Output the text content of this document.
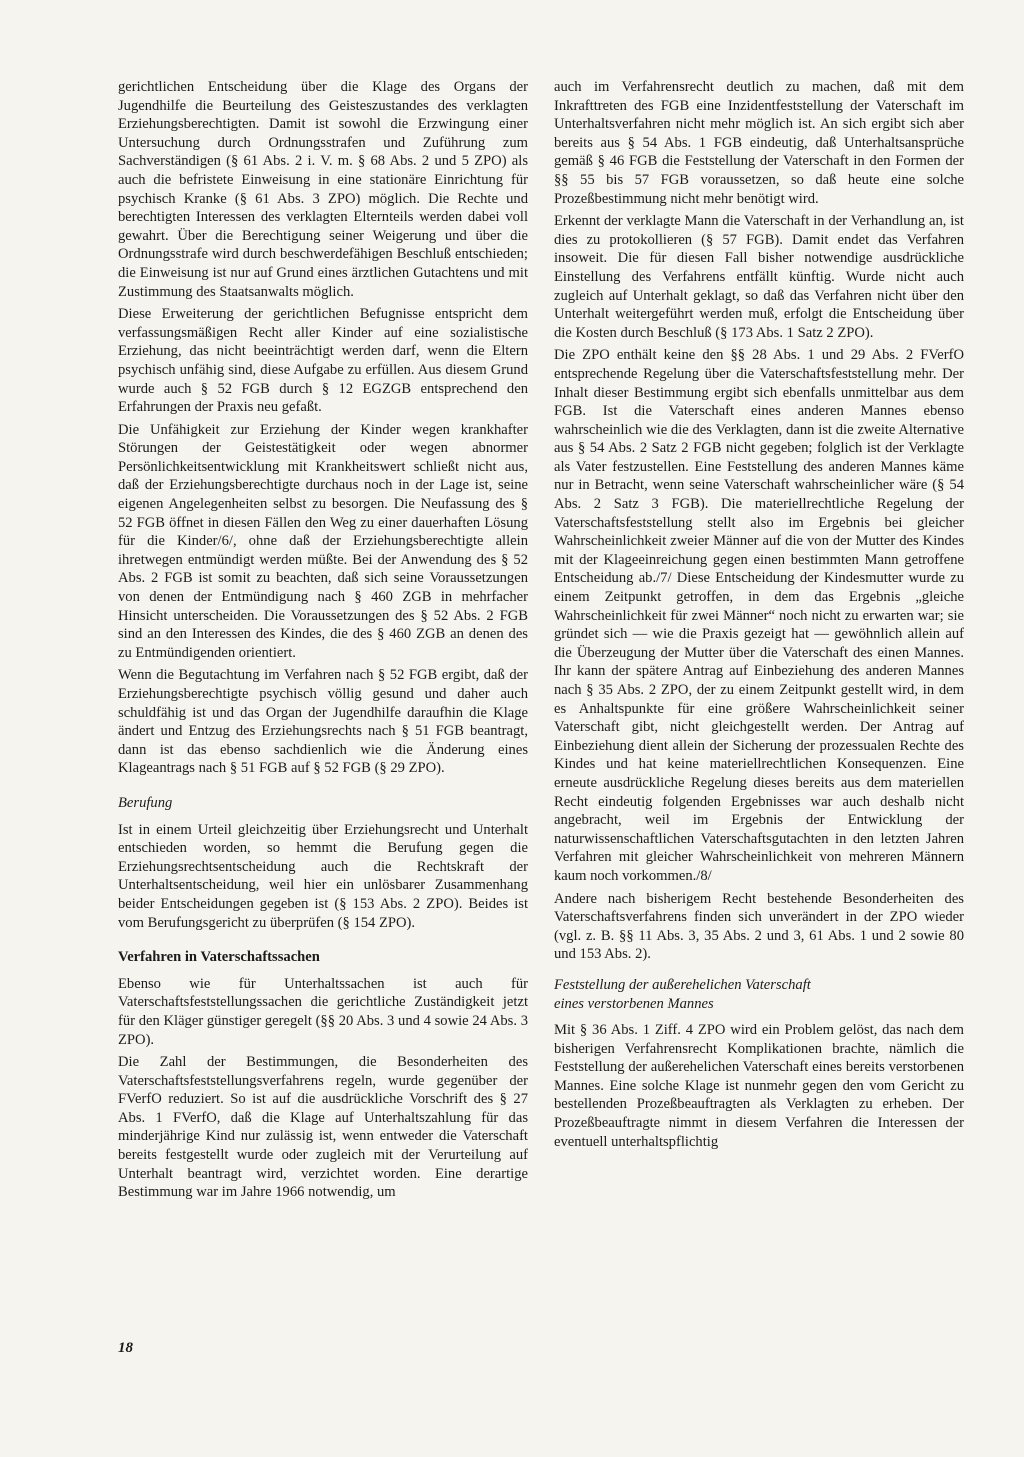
gerichtlichen Entscheidung über die Klage des Organs der Jugendhilfe die Beurteilung des Geisteszustandes des verklagten Erziehungsberechtigten. Damit ist sowohl die Erzwingung einer Untersuchung durch Ordnungsstrafen und Zuführung zum Sachverständigen (§ 61 Abs. 2 i. V. m. § 68 Abs. 2 und 5 ZPO) als auch die befristete Einweisung in eine stationäre Einrichtung für psychisch Kranke (§ 61 Abs. 3 ZPO) möglich. Die Rechte und berechtigten Interessen des verklagten Elternteils werden dabei voll gewahrt. Über die Berechtigung seiner Weigerung und über die Ordnungsstrafe wird durch beschwerdefähigen Beschluß entschieden; die Einweisung ist nur auf Grund eines ärztlichen Gutachtens und mit Zustimmung des Staatsanwalts möglich.

Diese Erweiterung der gerichtlichen Befugnisse entspricht dem verfassungsmäßigen Recht aller Kinder auf eine sozialistische Erziehung, das nicht beeinträchtigt werden darf, wenn die Eltern psychisch unfähig sind, diese Aufgabe zu erfüllen. Aus diesem Grund wurde auch § 52 FGB durch § 12 EGZGB entsprechend den Erfahrungen der Praxis neu gefaßt.

Die Unfähigkeit zur Erziehung der Kinder wegen krankhafter Störungen der Geistestätigkeit oder wegen abnormer Persönlichkeitsentwicklung mit Krankheitswert schließt nicht aus, daß der Erziehungsberechtigte durchaus noch in der Lage ist, seine eigenen Angelegenheiten selbst zu besorgen. Die Neufassung des § 52 FGB öffnet in diesen Fällen den Weg zu einer dauerhaften Lösung für die Kinder/6/, ohne daß der Erziehungsberechtigte allein ihretwegen entmündigt werden müßte. Bei der Anwendung des § 52 Abs. 2 FGB ist somit zu beachten, daß sich seine Voraussetzungen von denen der Entmündigung nach § 460 ZGB in mehrfacher Hinsicht unterscheiden. Die Voraussetzungen des § 52 Abs. 2 FGB sind an den Interessen des Kindes, die des § 460 ZGB an denen des zu Entmündigenden orientiert.

Wenn die Begutachtung im Verfahren nach § 52 FGB ergibt, daß der Erziehungsberechtigte psychisch völlig gesund und daher auch schuldfähig ist und das Organ der Jugendhilfe daraufhin die Klage ändert und Entzug des Erziehungsrechts nach § 51 FGB beantragt, dann ist das ebenso sachdienlich wie die Änderung eines Klageantrags nach § 51 FGB auf § 52 FGB (§ 29 ZPO).

Berufung

Ist in einem Urteil gleichzeitig über Erziehungsrecht und Unterhalt entschieden worden, so hemmt die Berufung gegen die Erziehungsrechtsentscheidung auch die Rechtskraft der Unterhaltsentscheidung, weil hier ein unlösbarer Zusammenhang beider Entscheidungen gegeben ist (§ 153 Abs. 2 ZPO). Beides ist vom Berufungsgericht zu überprüfen (§ 154 ZPO).

Verfahren in Vaterschaftssachen

Ebenso wie für Unterhaltssachen ist auch für Vaterschaftsfeststellungssachen die gerichtliche Zuständigkeit jetzt für den Kläger günstiger geregelt (§§ 20 Abs. 3 und 4 sowie 24 Abs. 3 ZPO).

Die Zahl der Bestimmungen, die Besonderheiten des Vaterschaftsfeststellungsverfahrens regeln, wurde gegenüber der FVerfO reduziert. So ist auf die ausdrückliche Vorschrift des § 27 Abs. 1 FVerfO, daß die Klage auf Unterhaltszahlung für das minderjährige Kind nur zulässig ist, wenn entweder die Vaterschaft bereits festgestellt wurde oder zugleich mit der Verurteilung auf Unterhalt beantragt wird, verzichtet worden. Eine derartige Bestimmung war im Jahre 1966 notwendig, um

auch im Verfahrensrecht deutlich zu machen, daß mit dem Inkrafttreten des FGB eine Inzidentfeststellung der Vaterschaft im Unterhaltsverfahren nicht mehr möglich ist. An sich ergibt sich aber bereits aus § 54 Abs. 1 FGB eindeutig, daß Unterhaltsansprüche gemäß § 46 FGB die Feststellung der Vaterschaft in den Formen der §§ 55 bis 57 FGB voraussetzen, so daß heute eine solche Prozeßbestimmung nicht mehr benötigt wird.

Erkennt der verklagte Mann die Vaterschaft in der Verhandlung an, ist dies zu protokollieren (§ 57 FGB). Damit endet das Verfahren insoweit. Die für diesen Fall bisher notwendige ausdrückliche Einstellung des Verfahrens entfällt künftig. Wurde nicht auch zugleich auf Unterhalt geklagt, so daß das Verfahren nicht über den Unterhalt weitergeführt werden muß, erfolgt die Entscheidung über die Kosten durch Beschluß (§ 173 Abs. 1 Satz 2 ZPO).

Die ZPO enthält keine den §§ 28 Abs. 1 und 29 Abs. 2 FVerfO entsprechende Regelung über die Vaterschaftsfeststellung mehr. Der Inhalt dieser Bestimmung ergibt sich ebenfalls unmittelbar aus dem FGB. Ist die Vaterschaft eines anderen Mannes ebenso wahrscheinlich wie die des Verklagten, dann ist die zweite Alternative aus § 54 Abs. 2 Satz 2 FGB nicht gegeben; folglich ist der Verklagte als Vater festzustellen. Eine Feststellung des anderen Mannes käme nur in Betracht, wenn seine Vaterschaft wahrscheinlicher wäre (§ 54 Abs. 2 Satz 3 FGB). Die materiellrechtliche Regelung der Vaterschaftsfeststellung stellt also im Ergebnis bei gleicher Wahrscheinlichkeit zweier Männer auf die von der Mutter des Kindes mit der Klageeinreichung gegen einen bestimmten Mann getroffene Entscheidung ab./7/ Diese Entscheidung der Kindesmutter wurde zu einem Zeitpunkt getroffen, in dem das Ergebnis „gleiche Wahrscheinlichkeit für zwei Männer“ noch nicht zu erwarten war; sie gründet sich — wie die Praxis gezeigt hat — gewöhnlich allein auf die Überzeugung der Mutter über die Vaterschaft des einen Mannes. Ihr kann der spätere Antrag auf Einbeziehung des anderen Mannes nach § 35 Abs. 2 ZPO, der zu einem Zeitpunkt gestellt wird, in dem es Anhaltspunkte für eine größere Wahrscheinlichkeit seiner Vaterschaft gibt, nicht gleichgestellt werden. Der Antrag auf Einbeziehung dient allein der Sicherung der prozessualen Rechte des Kindes und hat keine materiellrechtlichen Konsequenzen. Eine erneute ausdrückliche Regelung dieses bereits aus dem materiellen Recht eindeutig folgenden Ergebnisses war auch deshalb nicht angebracht, weil im Ergebnis der Entwicklung der naturwissenschaftlichen Vaterschaftsgutachten in den letzten Jahren Verfahren mit gleicher Wahrscheinlichkeit von mehreren Männern kaum noch vorkommen./8/

Andere nach bisherigem Recht bestehende Besonderheiten des Vaterschaftsverfahrens finden sich unverändert in der ZPO wieder (vgl. z. B. §§ 11 Abs. 3, 35 Abs. 2 und 3, 61 Abs. 1 und 2 sowie 80 und 153 Abs. 2).

Feststellung der außerehelichen Vaterschaft
eines verstorbenen Mannes

Mit § 36 Abs. 1 Ziff. 4 ZPO wird ein Problem gelöst, das nach dem bisherigen Verfahrensrecht Komplikationen brachte, nämlich die Feststellung der außerehelichen Vaterschaft eines bereits verstorbenen Mannes. Eine solche Klage ist nunmehr gegen den vom Gericht zu bestellenden Prozeßbeauftragten als Verklagten zu erheben. Der Prozeßbeauftragte nimmt in diesem Verfahren die Interessen der eventuell unterhaltspflichtig

18
